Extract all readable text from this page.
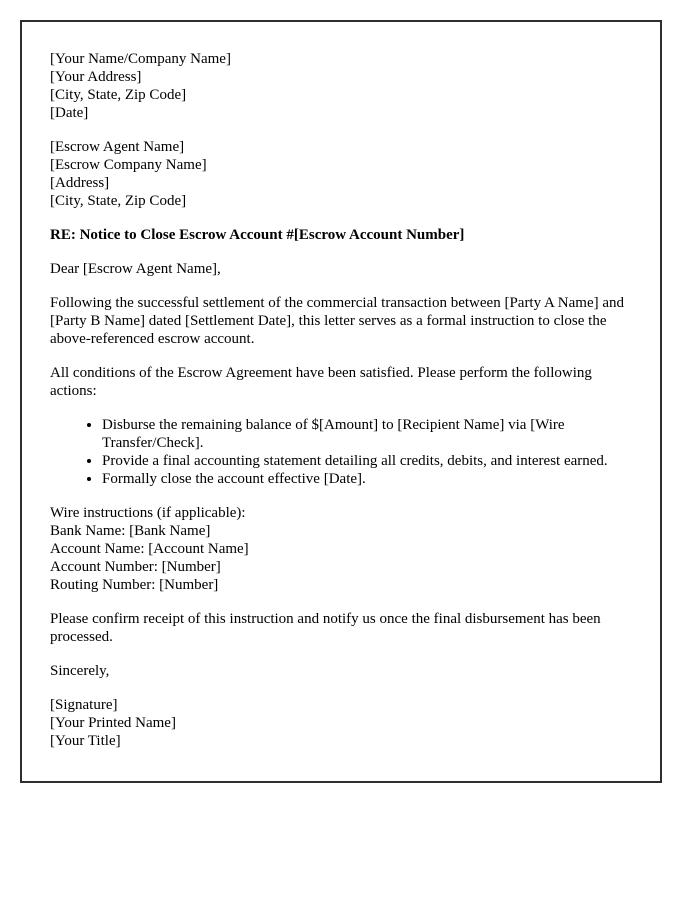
[Your Name/Company Name]
[Your Address]
[City, State, Zip Code]
[Date]
[Escrow Agent Name]
[Escrow Company Name]
[Address]
[City, State, Zip Code]

RE: Notice to Close Escrow Account #[Escrow Account Number]

Dear [Escrow Agent Name],

Following the successful settlement of the commercial transaction between [Party A Name] and [Party B Name] dated [Settlement Date], this letter serves as a formal instruction to close the above-referenced escrow account.

All conditions of the Escrow Agreement have been satisfied. Please perform the following actions:

• Disburse the remaining balance of $[Amount] to [Recipient Name] via [Wire Transfer/Check].
• Provide a final accounting statement detailing all credits, debits, and interest earned.
• Formally close the account effective [Date].
Wire instructions (if applicable):
Bank Name: [Bank Name]
Account Name: [Account Name]
Account Number: [Number]
Routing Number: [Number]

Please confirm receipt of this instruction and notify us once the final disbursement has been processed.

Sincerely,

[Signature]
[Your Printed Name]
[Your Title]
